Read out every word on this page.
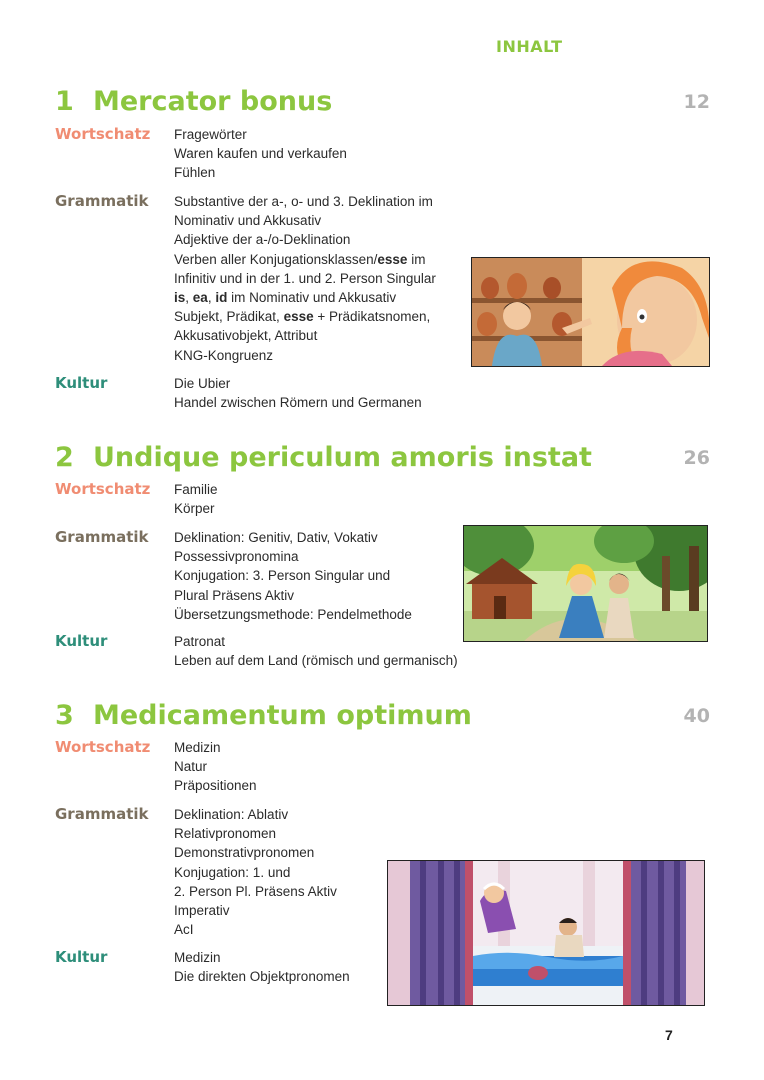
INHALT
1 Mercator bonus	12
Wortschatz Fragewörter
Waren kaufen und verkaufen
Fühlen
Grammatik Substantive der a-, o- und 3. Deklination im
Nominativ und Akkusativ
Adjektive der a-/o-Deklination
Verben aller Konjugationsklassen/esse im
Infinitiv und in der 1. und 2. Person Singular
is, ea, id im Nominativ und Akkusativ
Subjekt, Prädikat, esse + Prädikatsnomen,
Akkusativobjekt, Attribut
KNG-Kongruenz
Kultur	Die Ubier
Handel zwischen Römern und Germanen
2 Undique periculum amoris instat	26
Wortschatz Familie
Körper
Grammatik Deklination: Genitiv, Dativ, Vokativ
Possessivpronomina
Konjugation: 3. Person Singular und
Plural Präsens Aktiv
Übersetzungsmethode: Pendelmethode
Kultur	Patronat
Leben auf dem Land (römisch und germanisch)
3 Medicamentum optimum	40
Wortschatz Medizin
Natur
Präpositionen
Grammatik Deklination: Ablativ
Relativpronomen
Demonstrativpronomen
Konjugation: 1. und
2. Person Pl. Präsens Aktiv
Imperativ
AcI
Kultur	Medizin
Die direkten Objektpronomen
7
